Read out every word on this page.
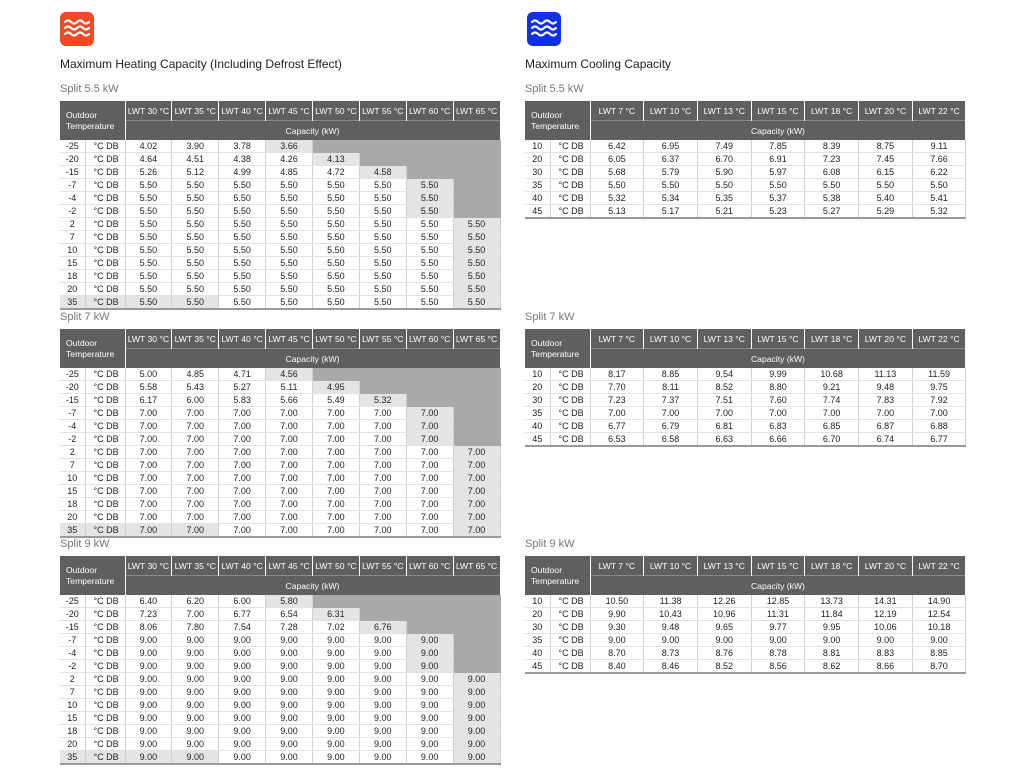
Maximum Heating Capacity (Including Defrost Effect)
Split 5.5 kW
Outdoor
Temperature		LWT 30 °C	LWT 35 °C	LWT 40 °C	LWT 45 °C	LWT 50 °C	LWT 55 °C	LWT 60 °C	LWT 65 °C
		Capacity (kW)							
-25	°C DB	4.02	3.90	3.78	3.66				
-20	°C DB	4.64	4.51	4.38	4.26	4.13			
-15	°C DB	5.26	5.12	4.99	4.85	4.72	4.58		
-7	°C DB	5.50	5.50	5.50	5.50	5.50	5.50	5.50	
-4	°C DB	5.50	5.50	5.50	5.50	5.50	5.50	5.50	
-2	°C DB	5.50	5.50	5.50	5.50	5.50	5.50	5.50	
2	°C DB	5.50	5.50	5.50	5.50	5.50	5.50	5.50	5.50
7	°C DB	5.50	5.50	5.50	5.50	5.50	5.50	5.50	5.50
10	°C DB	5.50	5.50	5.50	5.50	5.50	5.50	5.50	5.50
15	°C DB	5.50	5.50	5.50	5.50	5.50	5.50	5.50	5.50
18	°C DB	5.50	5.50	5.50	5.50	5.50	5.50	5.50	5.50
20	°C DB	5.50	5.50	5.50	5.50	5.50	5.50	5.50	5.50
35	°C DB	5.50	5.50	5.50	5.50	5.50	5.50	5.50	5.50
Split 7 kW
Outdoor
Temperature		LWT 30 °C	LWT 35 °C	LWT 40 °C	LWT 45 °C	LWT 50 °C	LWT 55 °C	LWT 60 °C	LWT 65 °C
		Capacity (kW)							
-25	°C DB	5.00	4.85	4.71	4.56				
-20	°C DB	5.58	5.43	5.27	5.11	4.95			
-15	°C DB	6.17	6.00	5.83	5.66	5.49	5.32		
-7	°C DB	7.00	7.00	7.00	7.00	7.00	7.00	7.00	
-4	°C DB	7.00	7.00	7.00	7.00	7.00	7.00	7.00	
-2	°C DB	7.00	7.00	7.00	7.00	7.00	7.00	7.00	
2	°C DB	7.00	7.00	7.00	7.00	7.00	7.00	7.00	7.00
7	°C DB	7.00	7.00	7.00	7.00	7.00	7.00	7.00	7.00
10	°C DB	7.00	7.00	7.00	7.00	7.00	7.00	7.00	7.00
15	°C DB	7.00	7.00	7.00	7.00	7.00	7.00	7.00	7.00
18	°C DB	7.00	7.00	7.00	7.00	7.00	7.00	7.00	7.00
20	°C DB	7.00	7.00	7.00	7.00	7.00	7.00	7.00	7.00
35	°C DB	7.00	7.00	7.00	7.00	7.00	7.00	7.00	7.00
Split 9 kW
Outdoor
Temperature		LWT 30 °C	LWT 35 °C	LWT 40 °C	LWT 45 °C	LWT 50 °C	LWT 55 °C	LWT 60 °C	LWT 65 °C
		Capacity (kW)							
-25	°C DB	6.40	6.20	6.00	5.80				
-20	°C DB	7.23	7.00	6.77	6.54	6.31			
-15	°C DB	8.06	7.80	7.54	7.28	7.02	6.76		
-7	°C DB	9.00	9.00	9.00	9.00	9.00	9.00	9.00	
-4	°C DB	9.00	9.00	9.00	9.00	9.00	9.00	9.00	
-2	°C DB	9.00	9.00	9.00	9.00	9.00	9.00	9.00	
2	°C DB	9.00	9.00	9.00	9.00	9.00	9.00	9.00	9.00
7	°C DB	9.00	9.00	9.00	9.00	9.00	9.00	9.00	9.00
10	°C DB	9.00	9.00	9.00	9.00	9.00	9.00	9.00	9.00
15	°C DB	9.00	9.00	9.00	9.00	9.00	9.00	9.00	9.00
18	°C DB	9.00	9.00	9.00	9.00	9.00	9.00	9.00	9.00
20	°C DB	9.00	9.00	9.00	9.00	9.00	9.00	9.00	9.00
35	°C DB	9.00	9.00	9.00	9.00	9.00	9.00	9.00	9.00
Maximum Cooling Capacity
Split 5.5 kW
Outdoor
Temperature		LWT 7 °C	LWT 10 °C	LWT 13 °C	LWT 15 °C	LWT 18 °C	LWT 20 °C	LWT 22 °C
		Capacity (kW)						
10	°C DB	6.42	6.95	7.49	7.85	8.39	8.75	9.11
20	°C DB	6.05	6.37	6.70	6.91	7.23	7.45	7.66
30	°C DB	5.68	5.79	5.90	5.97	6.08	6.15	6.22
35	°C DB	5.50	5.50	5.50	5.50	5.50	5.50	5.50
40	°C DB	5.32	5.34	5.35	5.37	5.38	5.40	5.41
45	°C DB	5.13	5.17	5.21	5.23	5.27	5.29	5.32
Split 7 kW
Outdoor
Temperature		LWT 7 °C	LWT 10 °C	LWT 13 °C	LWT 15 °C	LWT 18 °C	LWT 20 °C	LWT 22 °C
		Capacity (kW)						
10	°C DB	8.17	8.85	9.54	9.99	10.68	11.13	11.59
20	°C DB	7.70	8.11	8.52	8.80	9.21	9.48	9.75
30	°C DB	7.23	7.37	7.51	7.60	7.74	7.83	7.92
35	°C DB	7.00	7.00	7.00	7.00	7.00	7.00	7.00
40	°C DB	6.77	6.79	6.81	6.83	6.85	6.87	6.88
45	°C DB	6.53	6.58	6.63	6.66	6.70	6.74	6.77
Split 9 kW
Outdoor
Temperature		LWT 7 °C	LWT 10 °C	LWT 13 °C	LWT 15 °C	LWT 18 °C	LWT 20 °C	LWT 22 °C
		Capacity (kW)						
10	°C DB	10.50	11.38	12.26	12.85	13.73	14.31	14.90
20	°C DB	9.90	10.43	10.96	11.31	11.84	12.19	12.54
30	°C DB	9.30	9.48	9.65	9.77	9.95	10.06	10.18
35	°C DB	9.00	9.00	9.00	9.00	9.00	9.00	9.00
40	°C DB	8.70	8.73	8.76	8.78	8.81	8.83	8.85
45	°C DB	8.40	8.46	8.52	8.56	8.62	8.66	8.70
